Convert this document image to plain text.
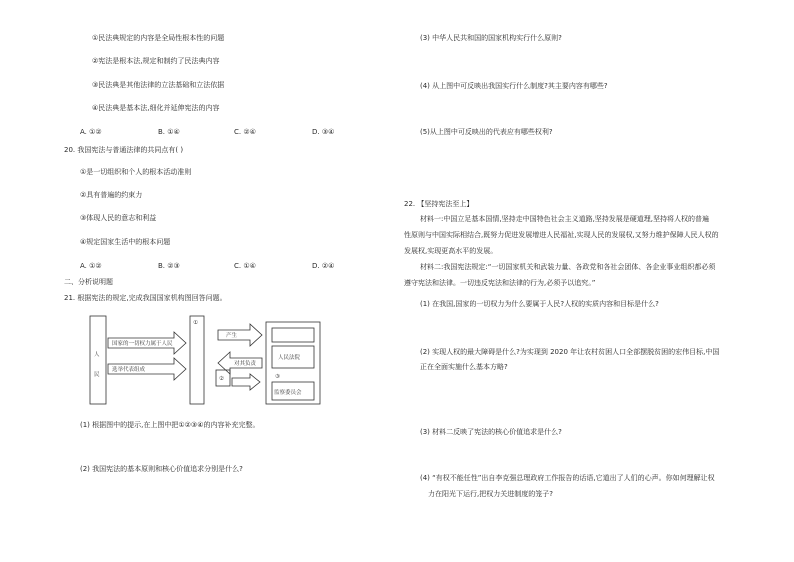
①民法典规定的内容是全局性根本性的问题
②宪法是根本法,规定和制约了民法典内容
③民法典是其他法律的立法基础和立法依据
④民法典是基本法,细化并延伸宪法的内容
A. ①②	B. ①④	C. ②④	D. ③④
20. 我国宪法与普通法律的共同点有( )
①是一切组织和个人的根本活动准则
②具有普遍的约束力
③体现人民的意志和利益
④规定国家生活中的根本问题
A. ①②	B. ②③	C. ①④	D. ②④
二、分析说明题
21. 根据宪法的规定,完成我国国家机构图回答问题。
人
民
国家的一切权力属于人民
选举代表组成
①
②
产生
对其负责
人民法院
③
监察委员会
(1) 根据图中的提示,在上图中把①②③④的内容补充完整。
(2) 我国宪法的基本原则和核心价值追求分别是什么?
(3) 中华人民共和国的国家机构实行什么原则?
(4) 从上图中可反映出我国实行什么制度?其主要内容有哪些?
(5)从上图中可反映出的代表应有哪些权利?
22. 【坚持宪法至上】
材料一:中国立足基本国情,坚持走中国特色社会主义道路,坚持发展是硬道理,坚持将人权的普遍
性原则与中国实际相结合,既努力促进发展增进人民福祉,实现人民的发展权,又努力维护保障人民人权的
发展权,实现更高水平的发展。
材料二:我国宪法规定:“一切国家机关和武装力量、各政党和各社会团体、各企业事业组织都必须
遵守宪法和法律。一切违反宪法和法律的行为,必须予以追究。”
(1) 在我国,国家的一切权力为什么要属于人民?人权的实质内容和目标是什么?
(2) 实现人权的最大障碍是什么?为实现到 2020 年让农村贫困人口全部摆脱贫困的宏伟目标,中国
正在全面实施什么基本方略?
(3) 材料二反映了宪法的核心价值追求是什么?
(4) “有权不能任性”出自李克强总理政府工作报告的话语,它道出了人们的心声。你如何理解让权
力在阳光下运行,把权力关进制度的笼子?
